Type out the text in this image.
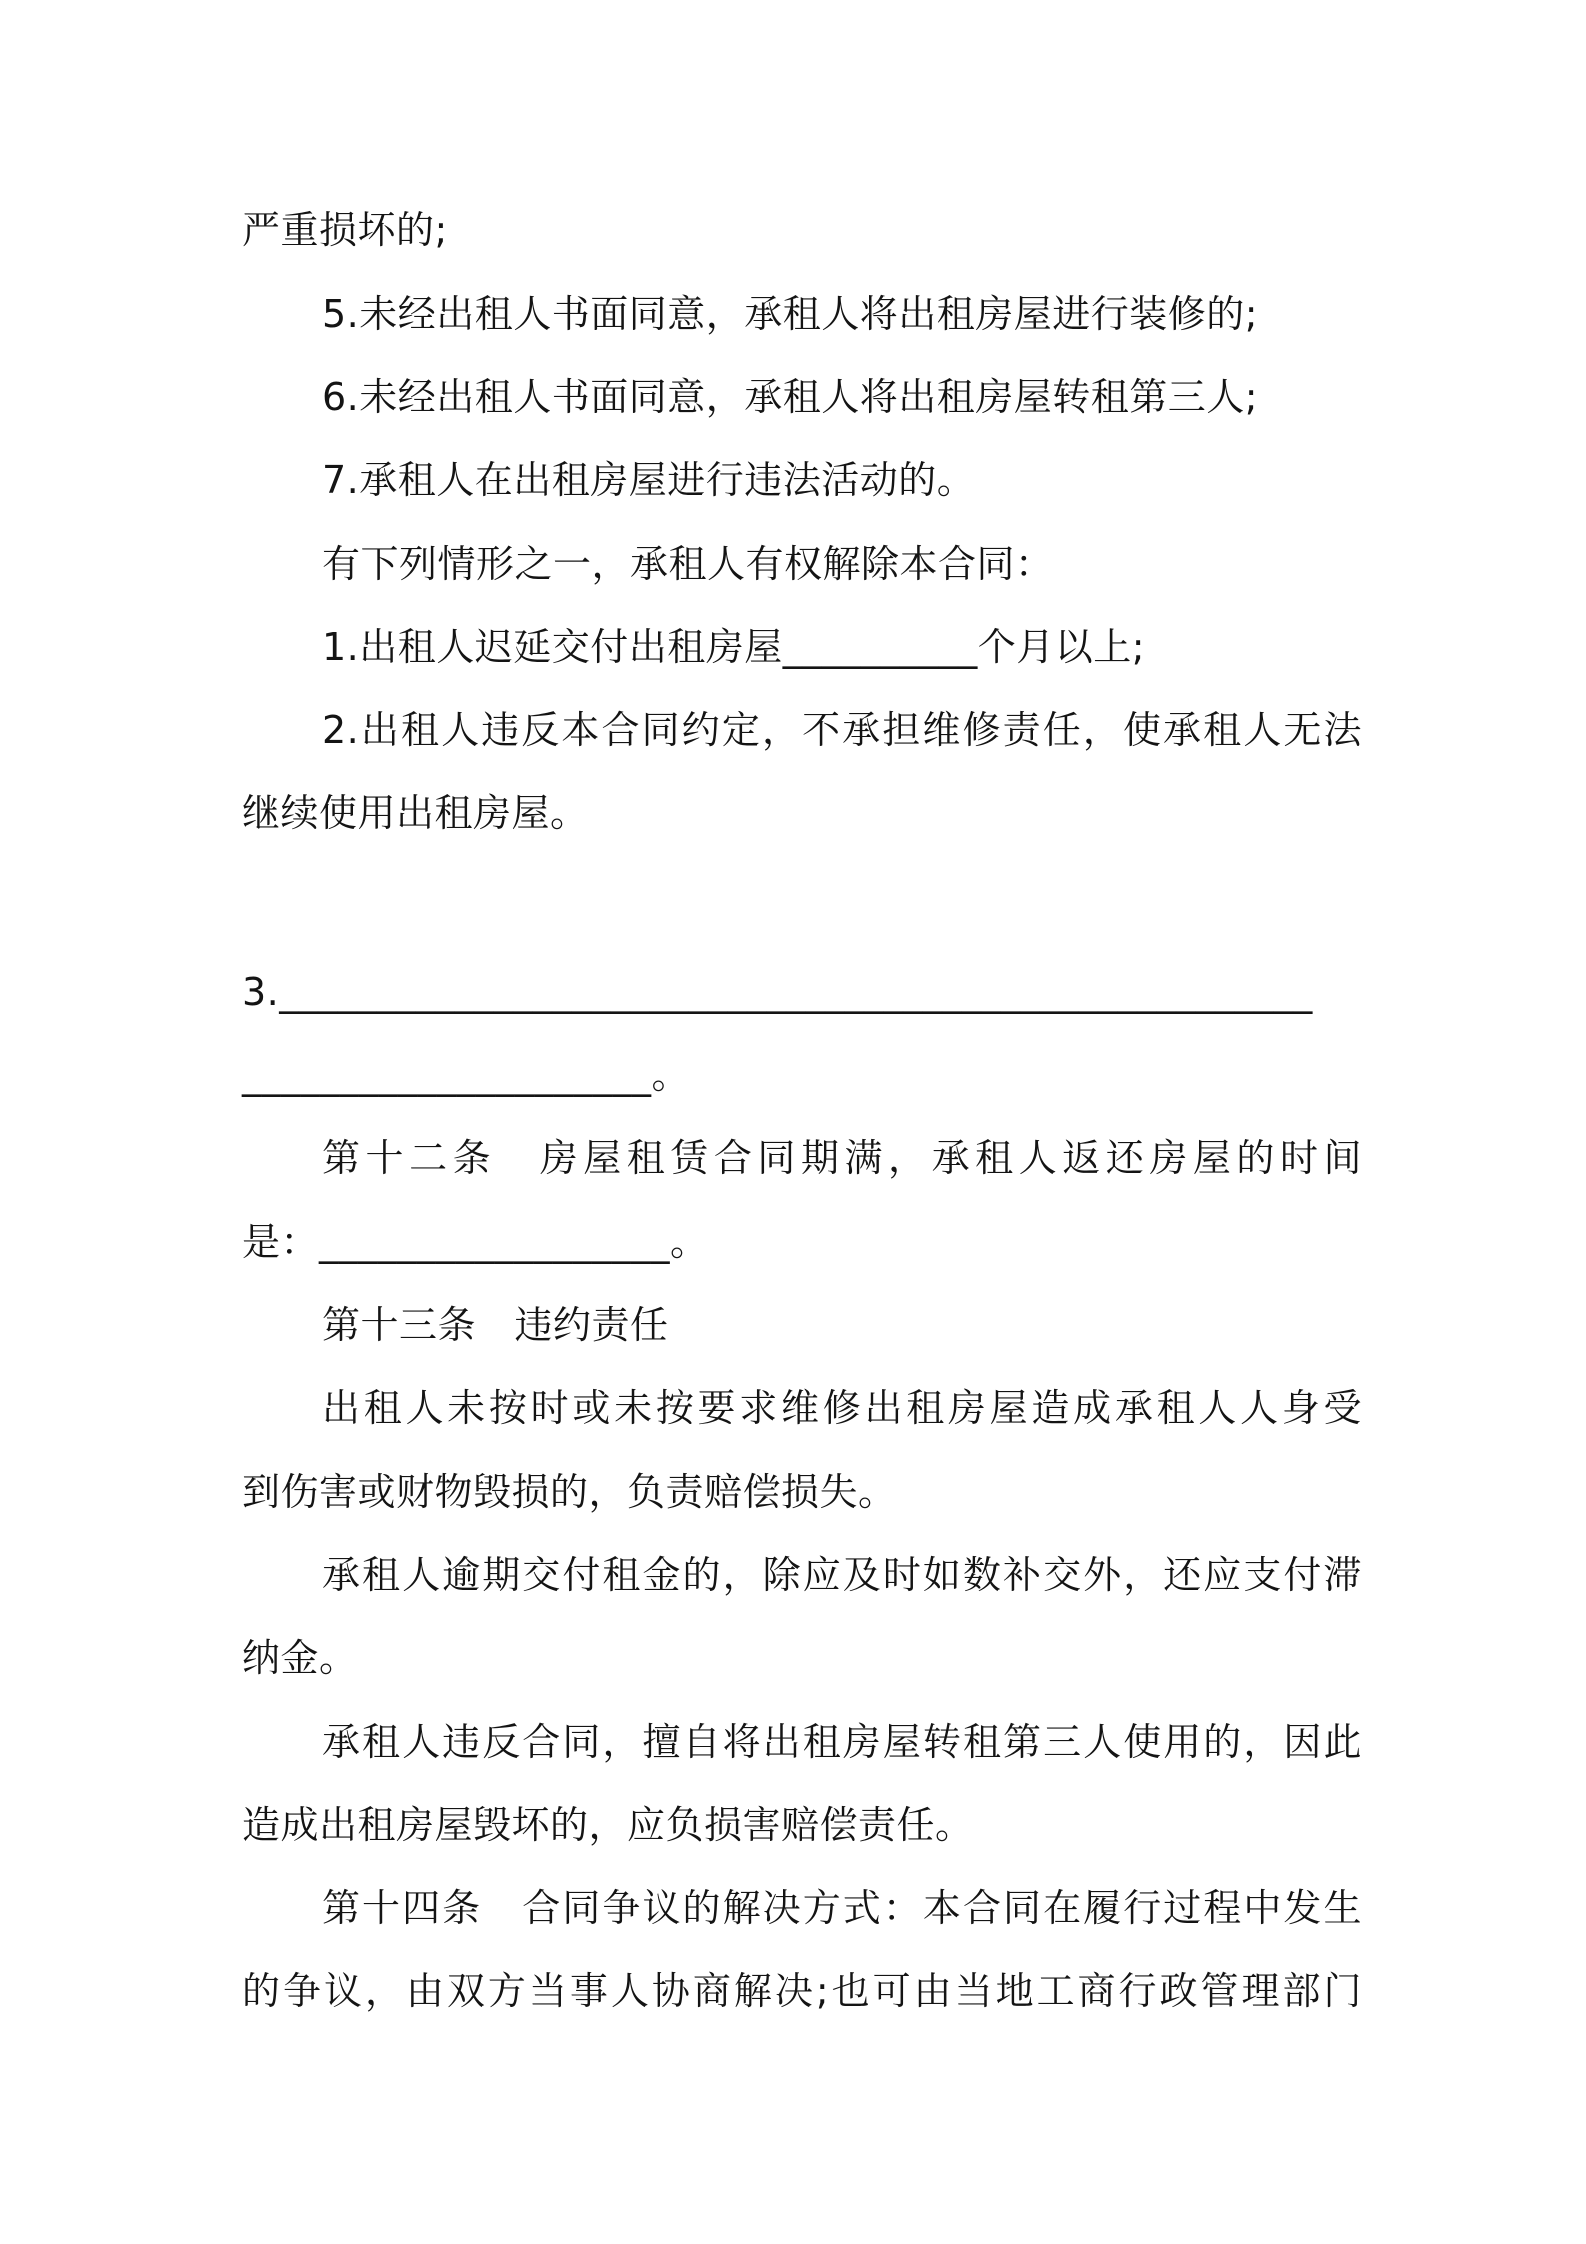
严重损坏的;
5.未经出租人书面同意，承租人将出租房屋进行装修的;
6.未经出租人书面同意，承租人将出租房屋转租第三人;
7.承租人在出租房屋进行违法活动的。
有下列情形之一，承租人有权解除本合同：
1.出租人迟延交付出租房屋__________个月以上;
2.出租人违反本合同约定，不承担维修责任，使承租人无法
继续使用出租房屋。
3._____________________________________________________
_____________________。
第十二条　房屋租赁合同期满，承租人返还房屋的时间
是：__________________。
第十三条　违约责任
出租人未按时或未按要求维修出租房屋造成承租人人身受
到伤害或财物毁损的，负责赔偿损失。
承租人逾期交付租金的，除应及时如数补交外，还应支付滞
纳金。
承租人违反合同，擅自将出租房屋转租第三人使用的，因此
造成出租房屋毁坏的，应负损害赔偿责任。
第十四条　合同争议的解决方式：本合同在履行过程中发生
的争议，由双方当事人协商解决;也可由当地工商行政管理部门
